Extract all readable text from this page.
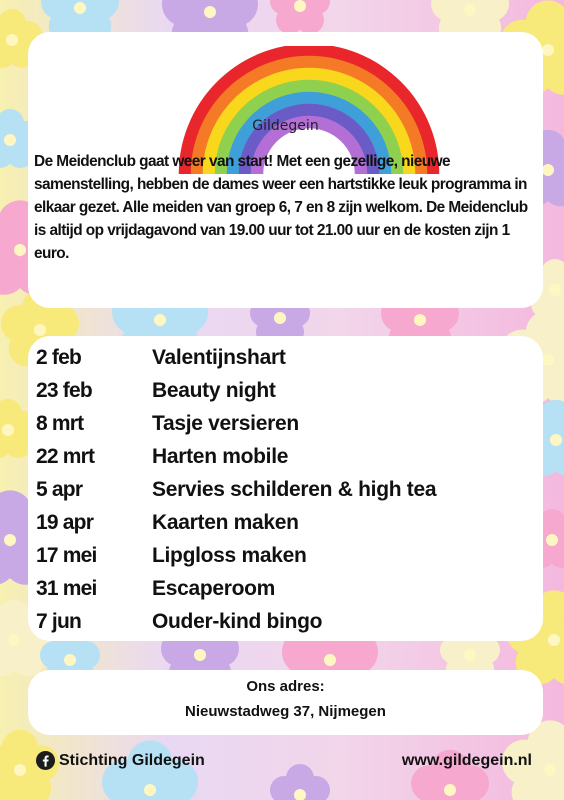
Gildegein

De Meidenclub gaat weer van start! Met een gezellige, nieuwe samenstelling, hebben de dames weer een hartstikke leuk programma in elkaar gezet. Alle meiden van groep 6, 7 en 8 zijn welkom. De Meidenclub is altijd op vrijdagavond van 19.00 uur tot 21.00 uur en de kosten zijn 1 euro.

2 feb	Valentijnshart
23 feb	Beauty night
8 mrt	Tasje versieren
22 mrt	Harten mobile
5 apr	Servies schilderen & high tea
19 apr	Kaarten maken
17 mei	Lipgloss maken
31 mei	Escaperoom
7 jun	Ouder-kind bingo
Ons adres:
Nieuwstadweg 37, Nijmegen
Stichting Gildegein	www.gildegein.nl
